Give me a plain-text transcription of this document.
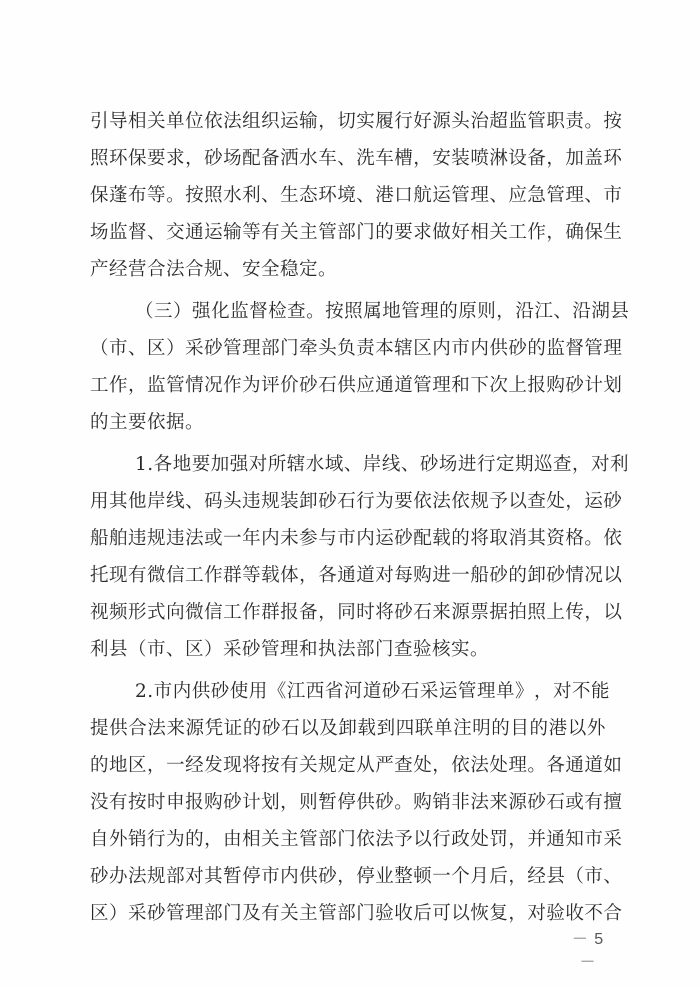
引 导 相 关 单 位 依 法 组 织 运 输 ， 切 实 履 行 好 源 头 治 超 监 管 职 责 。 按
照 环 保 要 求 ， 砂 场 配 备 洒 水 车 、 洗 车 槽 ， 安 装 喷 淋 设 备 ， 加 盖 环
保 蓬 布 等 。 按 照 水 利 、 生 态 环 境 、 港 口 航 运 管 理 、 应 急 管 理 、 市
场 监 督 、 交 通 运 输 等 有 关 主 管 部 门 的 要 求 做 好 相 关 工 作 ， 确 保 生
产经营合法合规、安全稳定。
（ 三 ） 强 化 监 督 检 查 。 按 照 属 地 管 理 的 原 则 ， 沿 江 、 沿 湖 县
（ 市 、 区 ） 采 砂 管 理 部 门 牵 头 负 责 本 辖 区 内 市 内 供 砂 的 监 督 管 理
工 作 ， 监 管 情 况 作 为 评 价 砂 石 供 应 通 道 管 理 和 下 次 上 报 购 砂 计 划
的主要依据。
1 . 各 地 要 加 强 对 所 辖 水 域 、 岸 线 、 砂 场 进 行 定 期 巡 查 ， 对 利
用 其 他 岸 线 、 码 头 违 规 装 卸 砂 石 行 为 要 依 法 依 规 予 以 查 处 ， 运 砂
船 舶 违 规 违 法 或 一 年 内 未 参 与 市 内 运 砂 配 载 的 将 取 消 其 资 格 。 依
托 现 有 微 信 工 作 群 等 载 体 ， 各 通 道 对 每 购 进 一 船 砂 的 卸 砂 情 况 以
视 频 形 式 向 微 信 工 作 群 报 备 ， 同 时 将 砂 石 来 源 票 据 拍 照 上 传 ， 以
利县（市、区）采砂管理和执法部门查验核实。
2 . 市 内 供 砂 使 用 《 江 西 省 河 道 砂 石 采 运 管 理 单 》 ， 对 不 能
提 供 合 法 来 源 凭 证 的 砂 石 以 及 卸 载 到 四 联 单 注 明 的 目 的 港 以 外
的 地 区 ， 一 经 发 现 将 按 有 关 规 定 从 严 查 处 ， 依 法 处 理 。 各 通 道 如
没 有 按 时 申 报 购 砂 计 划 ， 则 暂 停 供 砂 。 购 销 非 法 来 源 砂 石 或 有 擅
自 外 销 行 为 的 ， 由 相 关 主 管 部 门 依 法 予 以 行 政 处 罚 ， 并 通 知 市 采
砂 办 法 规 部 对 其 暂 停 市 内 供 砂 ， 停 业 整 顿 一 个 月 后 ， 经 县 （ 市 、
区 ） 采 砂 管 理 部 门 及 有 关 主 管 部 门 验 收 后 可 以 恢 复 ， 对 验 收 不 合
－ 5 －
